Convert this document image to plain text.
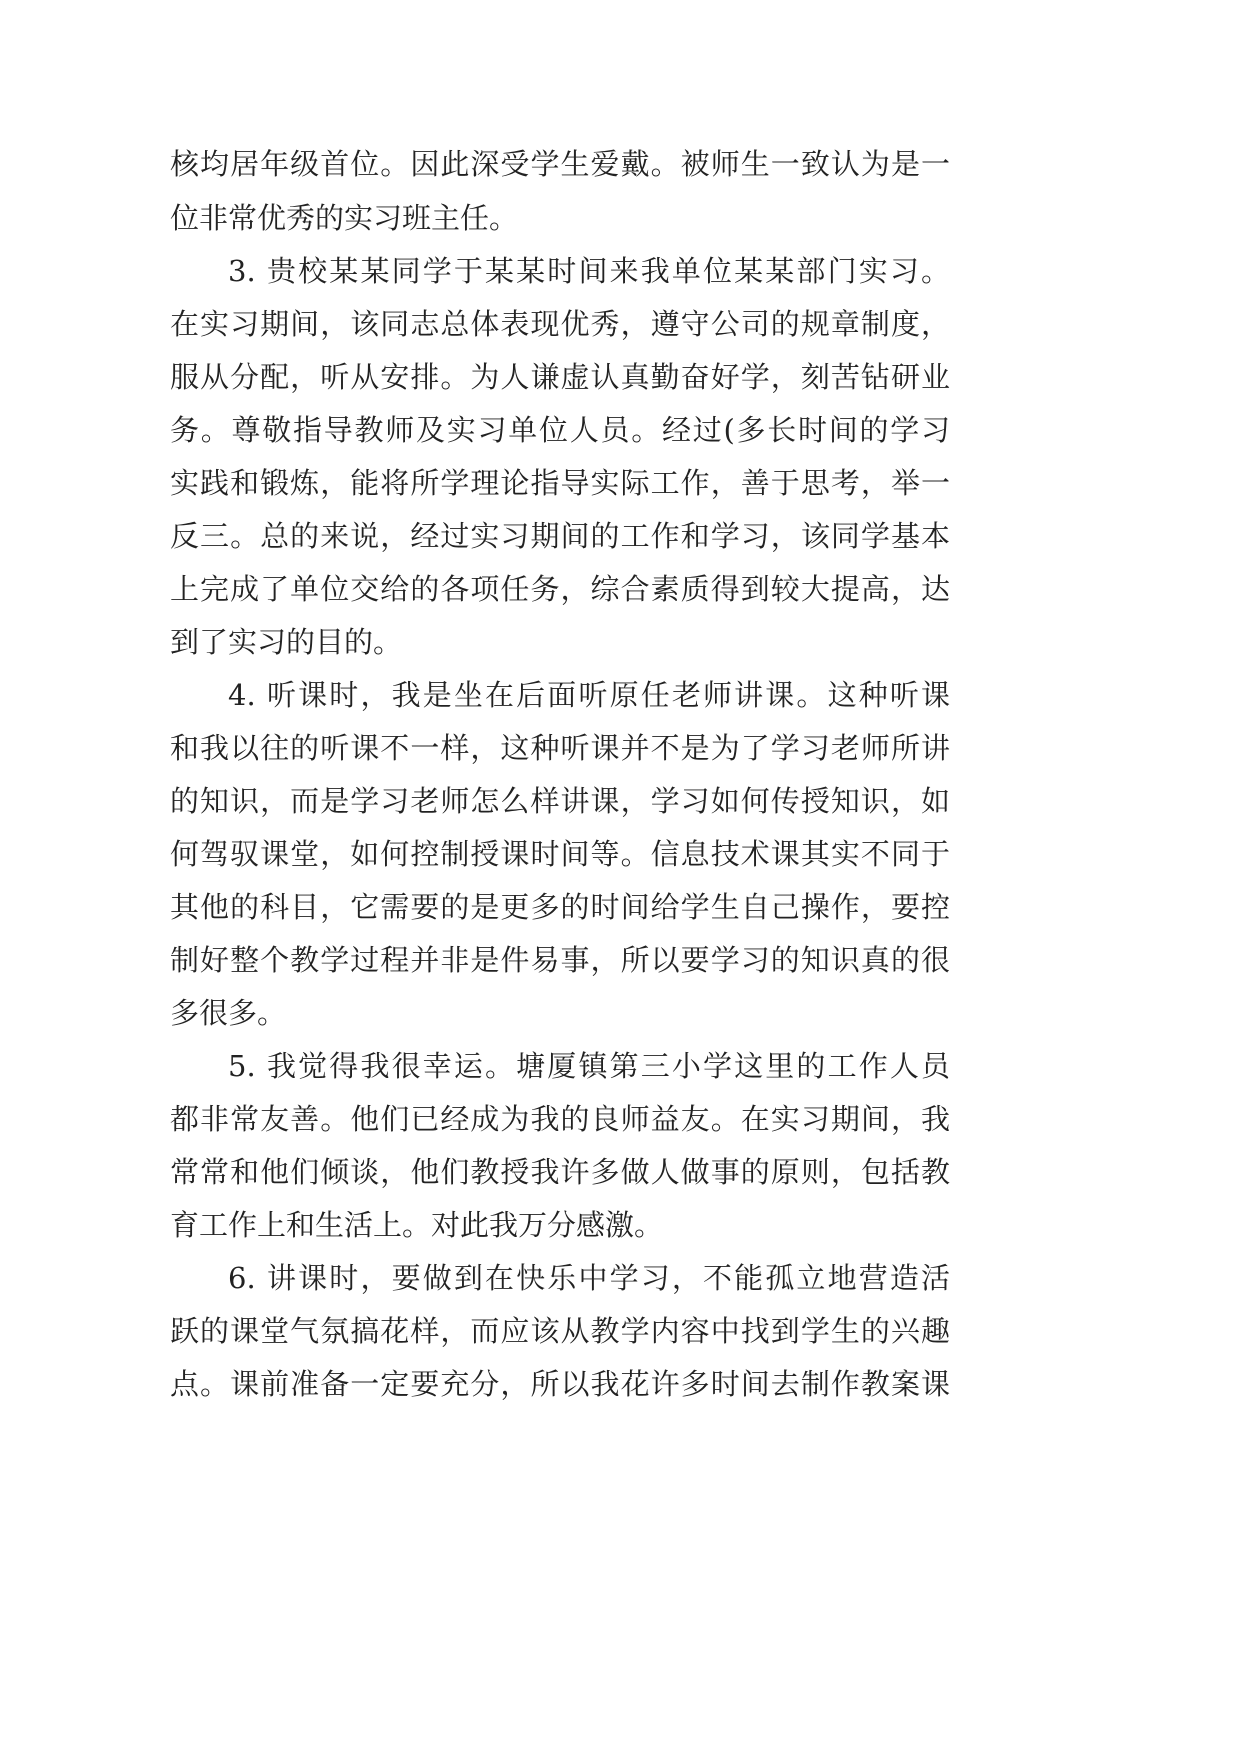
核均居年级首位。因此深受学生爱戴。被师生一致认为是一
位非常优秀的实习班主任。
3. 贵校某某同学于某某时间来我单位某某部门实习。
在实习期间，该同志总体表现优秀，遵守公司的规章制度，
服从分配，听从安排。为人谦虚认真勤奋好学，刻苦钻研业
务。尊敬指导教师及实习单位人员。经过(多长时间的学习
实践和锻炼，能将所学理论指导实际工作，善于思考，举一
反三。总的来说，经过实习期间的工作和学习，该同学基本
上完成了单位交给的各项任务，综合素质得到较大提高，达
到了实习的目的。
4. 听课时，我是坐在后面听原任老师讲课。这种听课
和我以往的听课不一样，这种听课并不是为了学习老师所讲
的知识，而是学习老师怎么样讲课，学习如何传授知识，如
何驾驭课堂，如何控制授课时间等。信息技术课其实不同于
其他的科目，它需要的是更多的时间给学生自己操作，要控
制好整个教学过程并非是件易事，所以要学习的知识真的很
多很多。
5. 我觉得我很幸运。塘厦镇第三小学这里的工作人员
都非常友善。他们已经成为我的良师益友。在实习期间，我
常常和他们倾谈，他们教授我许多做人做事的原则，包括教
育工作上和生活上。对此我万分感激。
6. 讲课时，要做到在快乐中学习，不能孤立地营造活
跃的课堂气氛搞花样，而应该从教学内容中找到学生的兴趣
点。课前准备一定要充分，所以我花许多时间去制作教案课
